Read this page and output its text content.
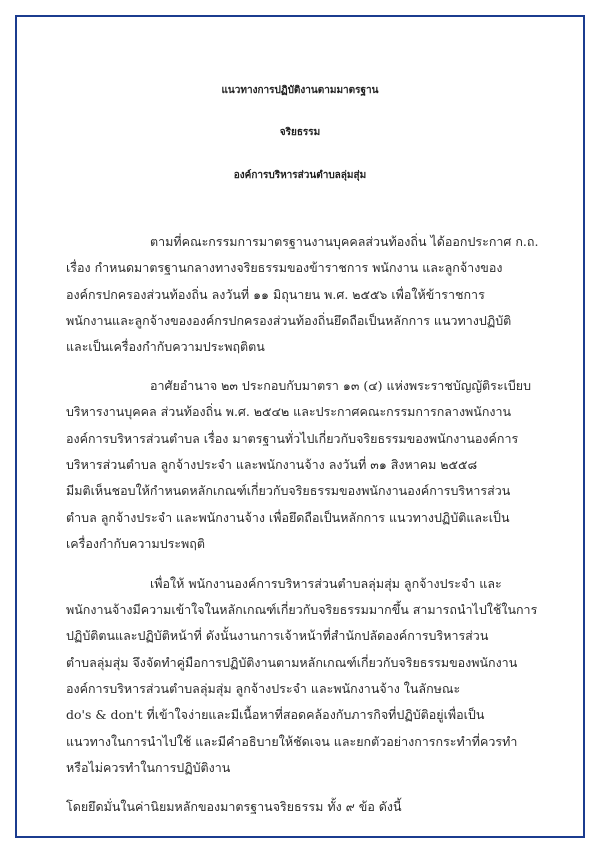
แนวทางการปฏิบัติงานตามมาตรฐาน
จริยธรรม
องค์การบริหารส่วนตำบลลุ่มสุ่ม
ตามที่คณะกรรมการมาตรฐานงานบุคคลส่วนท้องถิ่น ได้ออกประกาศ ก.ถ.
เรื่อง กำหนดมาตรฐานกลางทางจริยธรรมของข้าราชการ พนักงาน และลูกจ้างของ
องค์กรปกครองส่วนท้องถิ่น ลงวันที่ ๑๑ มิถุนายน พ.ศ. ๒๕๕๖ เพื่อให้ข้าราชการ
พนักงานและลูกจ้างขององค์กรปกครองส่วนท้องถิ่นยึดถือเป็นหลักการ แนวทางปฏิบัติ
และเป็นเครื่องกำกับความประพฤติตน
อาศัยอำนาจ ๒๓ ประกอบกับมาตรา ๑๓ (๔) แห่งพระราชบัญญัติระเบียบ
บริหารงานบุคคล ส่วนท้องถิ่น พ.ศ. ๒๕๔๒ และประกาศคณะกรรมการกลางพนักงาน
องค์การบริหารส่วนตำบล เรื่อง มาตรฐานทั่วไปเกี่ยวกับจริยธรรมของพนักงานองค์การ
บริหารส่วนตำบล ลูกจ้างประจำ และพนักงานจ้าง ลงวันที่ ๓๑ สิงหาคม ๒๕๕๘
มีมติเห็นชอบให้กำหนดหลักเกณฑ์เกี่ยวกับจริยธรรมของพนักงานองค์การบริหารส่วน
ตำบล ลูกจ้างประจำ และพนักงานจ้าง เพื่อยึดถือเป็นหลักการ แนวทางปฏิบัติและเป็น
เครื่องกำกับความประพฤติ
เพื่อให้ พนักงานองค์การบริหารส่วนตำบลลุ่มสุ่ม ลูกจ้างประจำ และ
พนักงานจ้างมีความเข้าใจในหลักเกณฑ์เกี่ยวกับจริยธรรมมากขึ้น สามารถนำไปใช้ในการ
ปฏิบัติตนและปฏิบัติหน้าที่ ดังนั้นงานการเจ้าหน้าที่สำนักปลัดองค์การบริหารส่วน
ตำบลลุ่มสุ่ม จึงจัดทำคู่มือการปฏิบัติงานตามหลักเกณฑ์เกี่ยวกับจริยธรรมของพนักงาน
องค์การบริหารส่วนตำบลลุ่มสุ่ม ลูกจ้างประจำ และพนักงานจ้าง ในลักษณะ
do's & don't ที่เข้าใจง่ายและมีเนื้อหาที่สอดคล้องกับภารกิจที่ปฏิบัติอยู่เพื่อเป็น
แนวทางในการนำไปใช้ และมีคำอธิบายให้ชัดเจน และยกตัวอย่างการกระทำที่ควรทำ
หรือไม่ควรทำในการปฏิบัติงาน
โดยยึดมั่นในค่านิยมหลักของมาตรฐานจริยธรรม ทั้ง ๙ ข้อ ดังนี้
